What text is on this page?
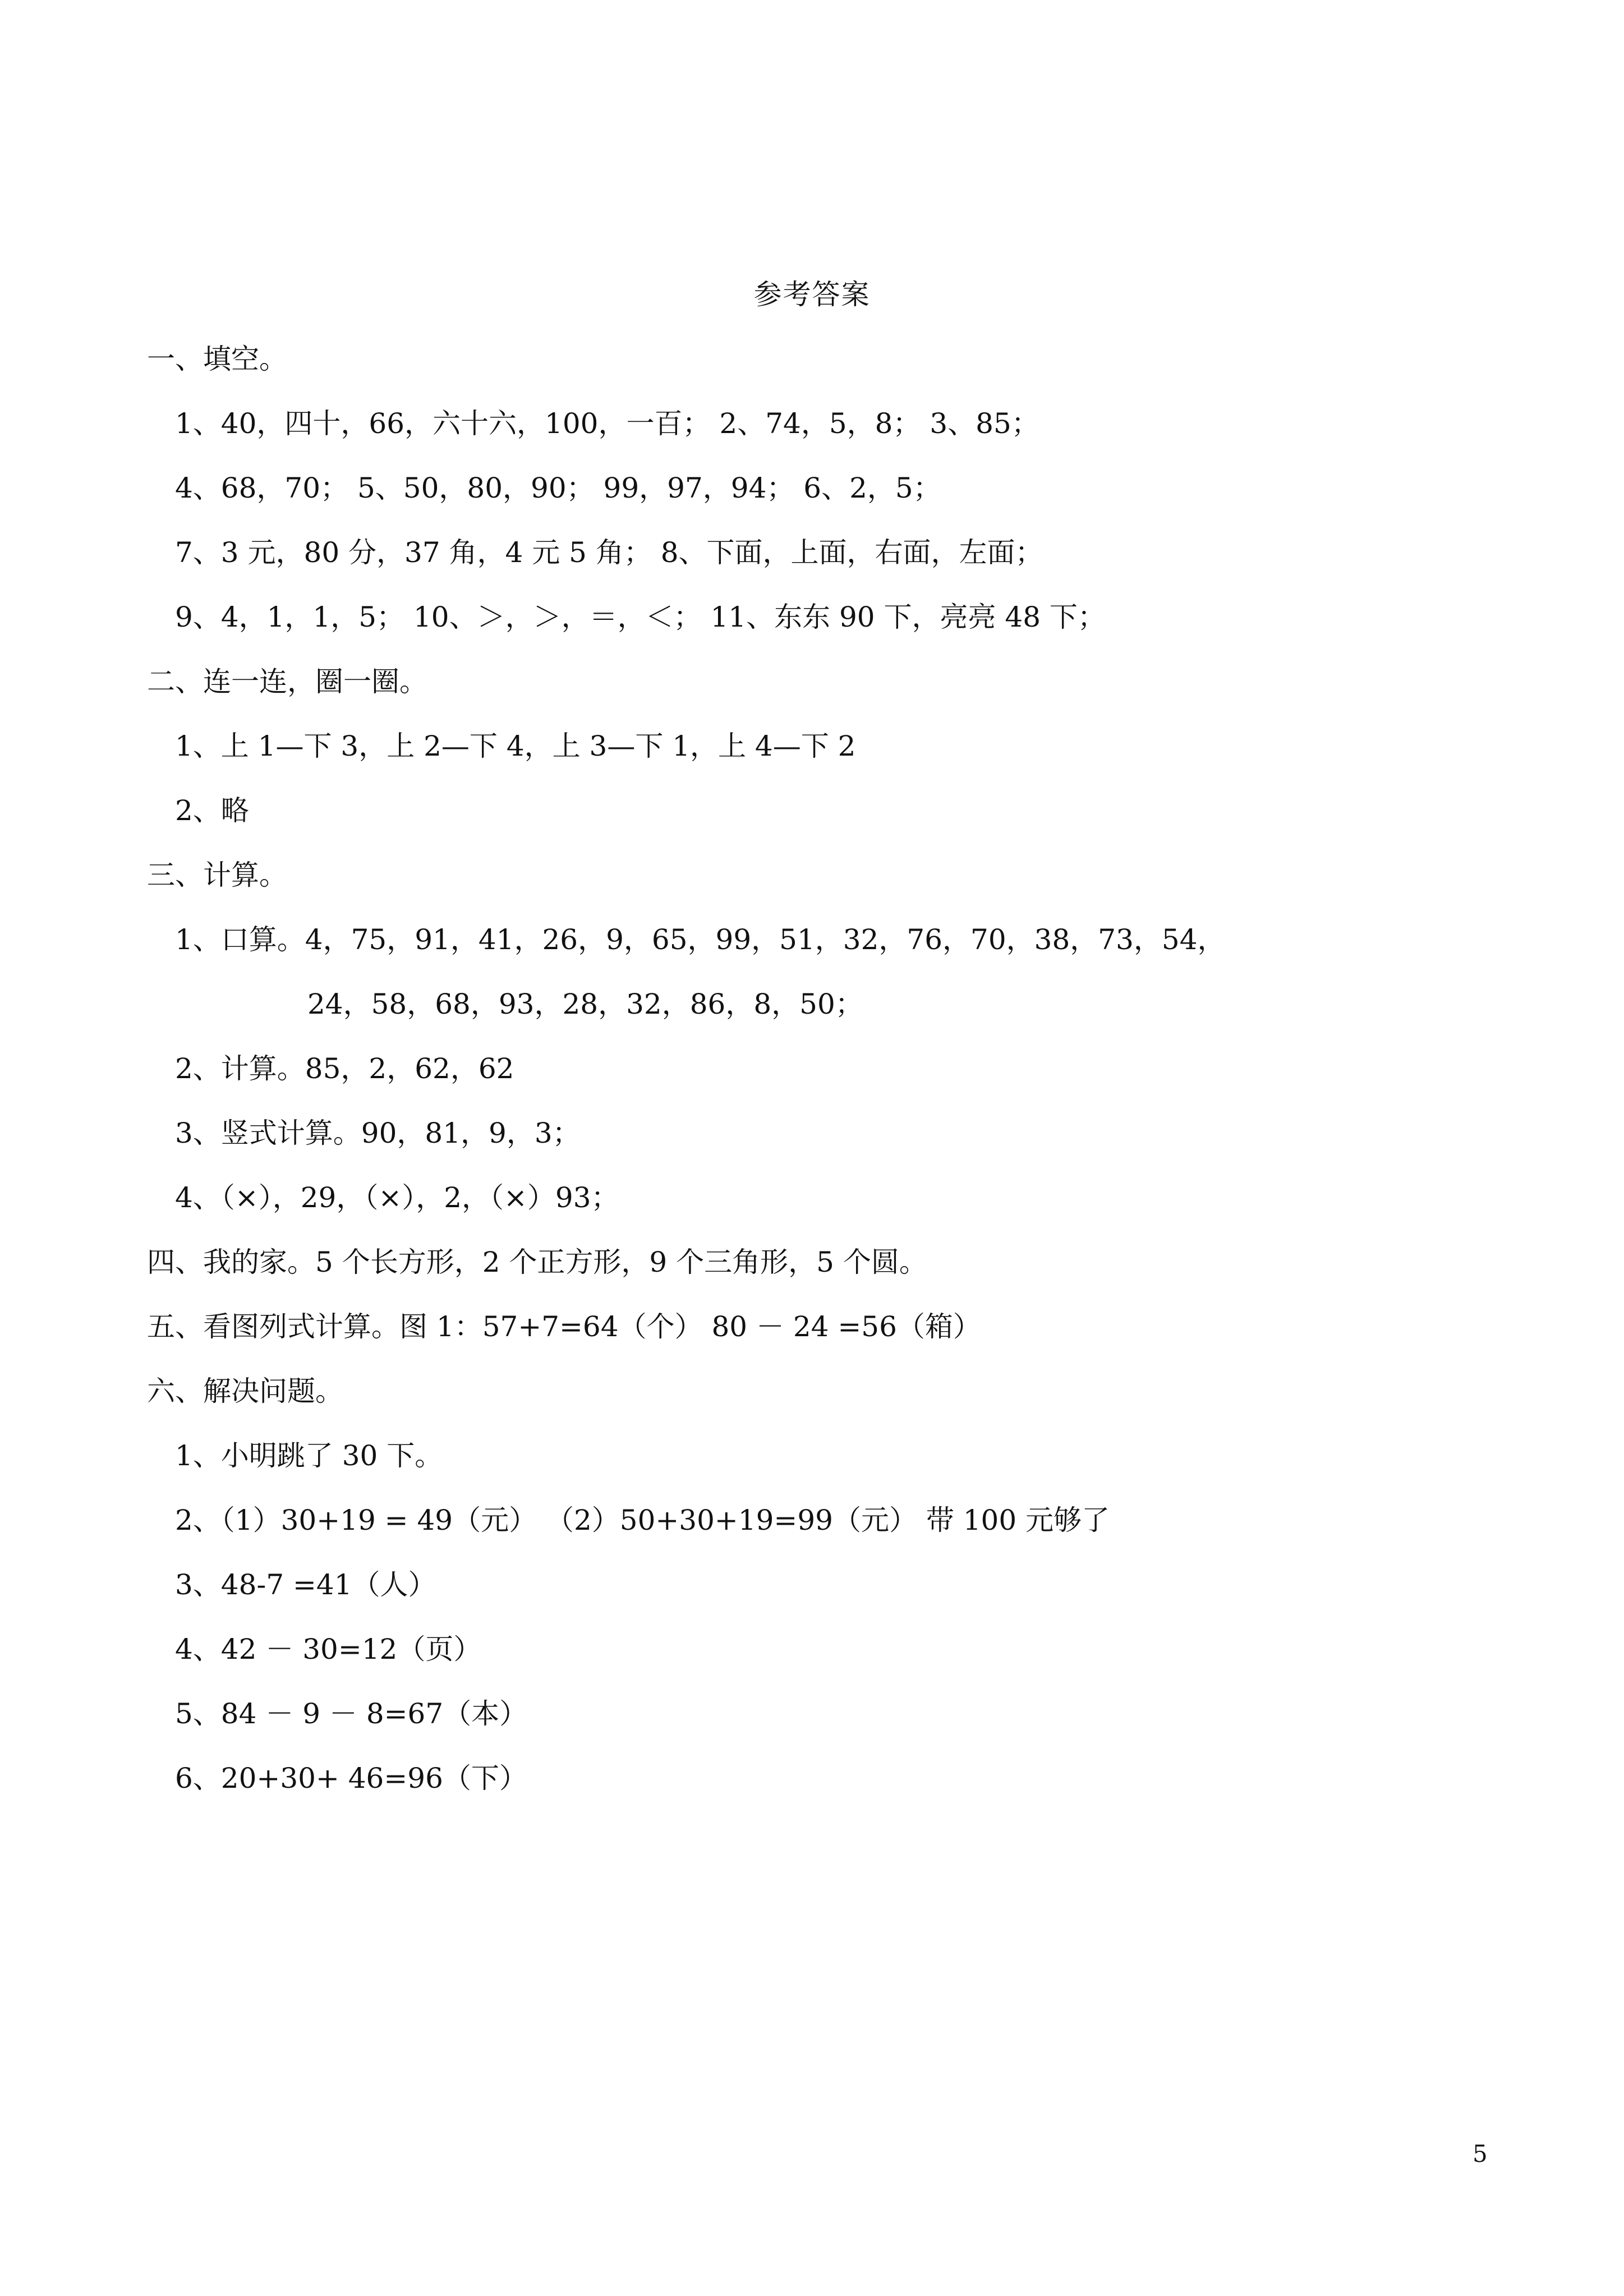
参考答案
一、填空。
1、40，四十，66，六十六，100，一百； 2、74，5，8； 3、85；
4、68，70； 5、50，80，90； 99，97，94； 6、2，5；
7、3 元，80 分，37 角，4 元 5 角； 8、下面，上面，右面，左面；
9、4，1，1，5； 10、＞，＞，＝，＜； 11、东东 90 下，亮亮 48 下；
二、连一连，圈一圈。
1、上 1—下 3，上 2—下 4，上 3—下 1，上 4—下 2
2、略
三、计算。
1、口算。4，75，91，41，26，9，65，99，51，32，76，70，38，73，54，
24，58，68，93，28，32，86，8，50；
2、计算。85，2，62，62
3、竖式计算。90，81，9，3；
4、（×），29，（×），2，（×）93；
四、我的家。5 个长方形，2 个正方形，9 个三角形，5 个圆。
五、看图列式计算。图 1：57+7=64（个） 80 － 24 =56（箱）
六、解决问题。
1、小明跳了 30 下。
2、（1）30+19 = 49（元） （2）50+30+19=99（元） 带 100 元够了
3、48-7 =41（人）
4、42 － 30=12（页）
5、84 － 9 － 8=67（本）
6、20+30+ 46=96（下）
5
